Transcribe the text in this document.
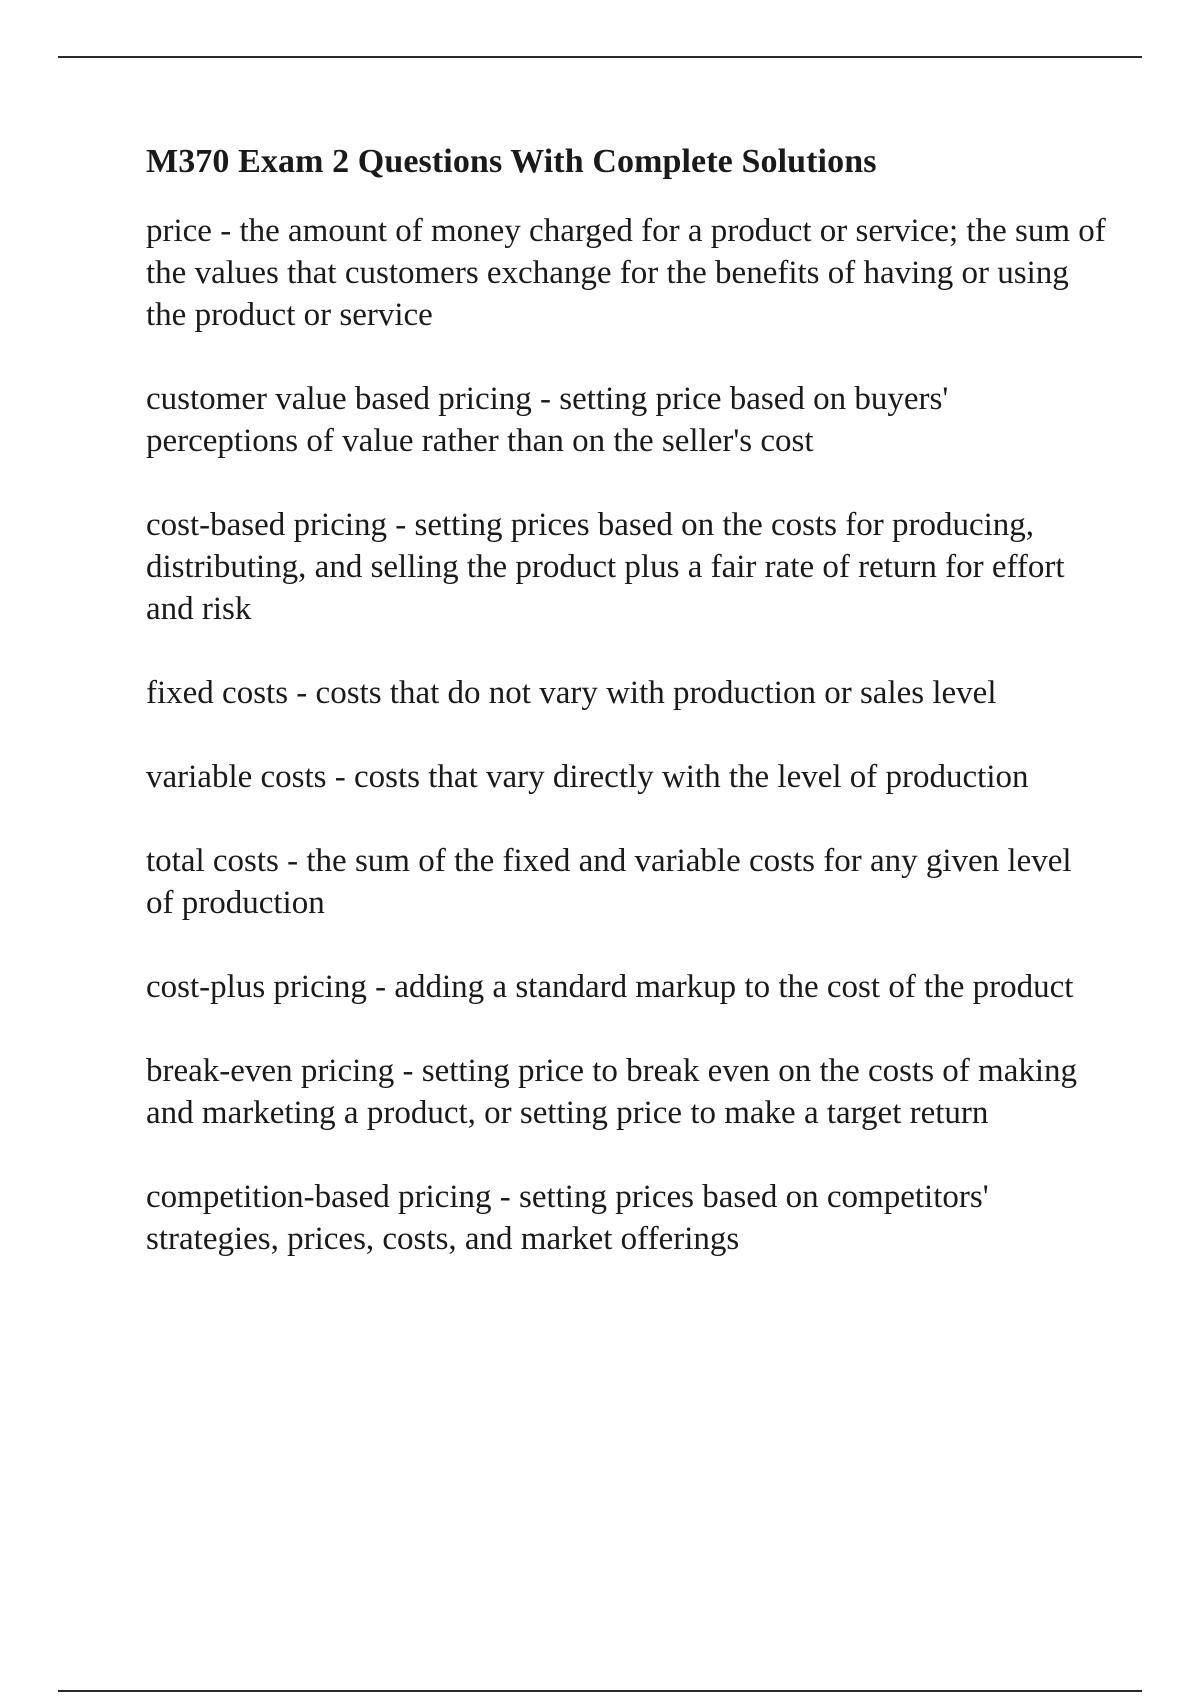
M370 Exam 2 Questions With Complete Solutions
price - the amount of money charged for a product or service; the sum of the values that customers exchange for the benefits of having or using the product or service
customer value based pricing - setting price based on buyers' perceptions of value rather than on the seller's cost
cost-based pricing - setting prices based on the costs for producing, distributing, and selling the product plus a fair rate of return for effort and risk
fixed costs - costs that do not vary with production or sales level
variable costs - costs that vary directly with the level of production
total costs - the sum of the fixed and variable costs for any given level of production
cost-plus pricing - adding a standard markup to the cost of the product
break-even pricing - setting price to break even on the costs of making and marketing a product, or setting price to make a target return
competition-based pricing - setting prices based on competitors' strategies, prices, costs, and market offerings
